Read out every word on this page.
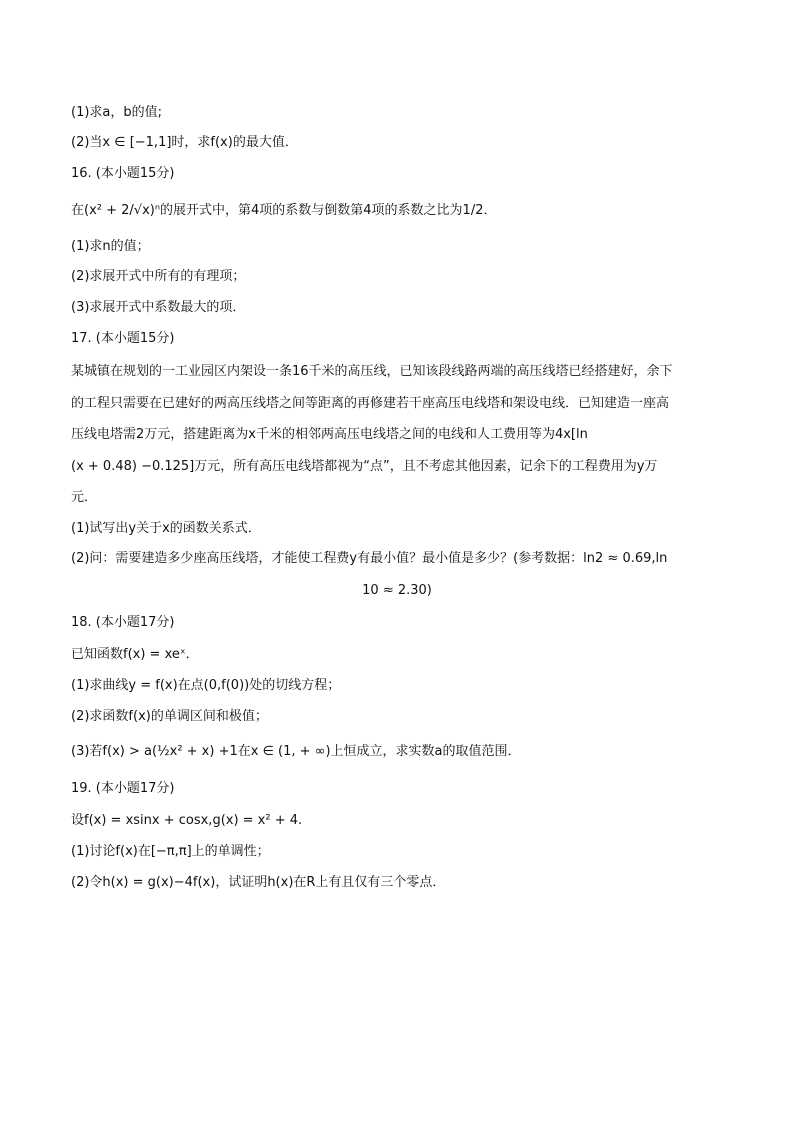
(1)求a，b的值;
(2)当x ∈ [−1,1]时，求f(x)的最大值．
16. (本小题15分)
在(x² + 2/√x)ⁿ的展开式中，第4项的系数与倒数第4项的系数之比为1/2．
(1)求n的值；
(2)求展开式中所有的有理项；
(3)求展开式中系数最大的项．
17. (本小题15分)
某城镇在规划的一工业园区内架设一条16千米的高压线，已知该段线路两端的高压线塔已经搭建好，余下
的工程只需要在已建好的两高压线塔之间等距离的再修建若干座高压电线塔和架设电线．已知建造一座高
压线电塔需2万元，搭建距离为x千米的相邻两高压电线塔之间的电线和人工费用等为4x[ln
(x + 0.48) −0.125]万元，所有高压电线塔都视为“点”，且不考虑其他因素，记余下的工程费用为y万
元．
(1)试写出y关于x的函数关系式．
(2)问：需要建造多少座高压线塔，才能使工程费y有最小值？最小值是多少？(参考数据：ln2 ≈ 0.69,ln
10 ≈ 2.30)
18. (本小题17分)
已知函数f(x) = xeˣ．
(1)求曲线y = f(x)在点(0,f(0))处的切线方程；
(2)求函数f(x)的单调区间和极值；
(3)若f(x) > a(½x² + x) +1在x ∈ (1, + ∞)上恒成立，求实数a的取值范围．
19. (本小题17分)
设f(x) = xsinx + cosx,g(x) = x² + 4.
(1)讨论f(x)在[−π,π]上的单调性；
(2)令h(x) = g(x)−4f(x)，试证明h(x)在R上有且仅有三个零点．
